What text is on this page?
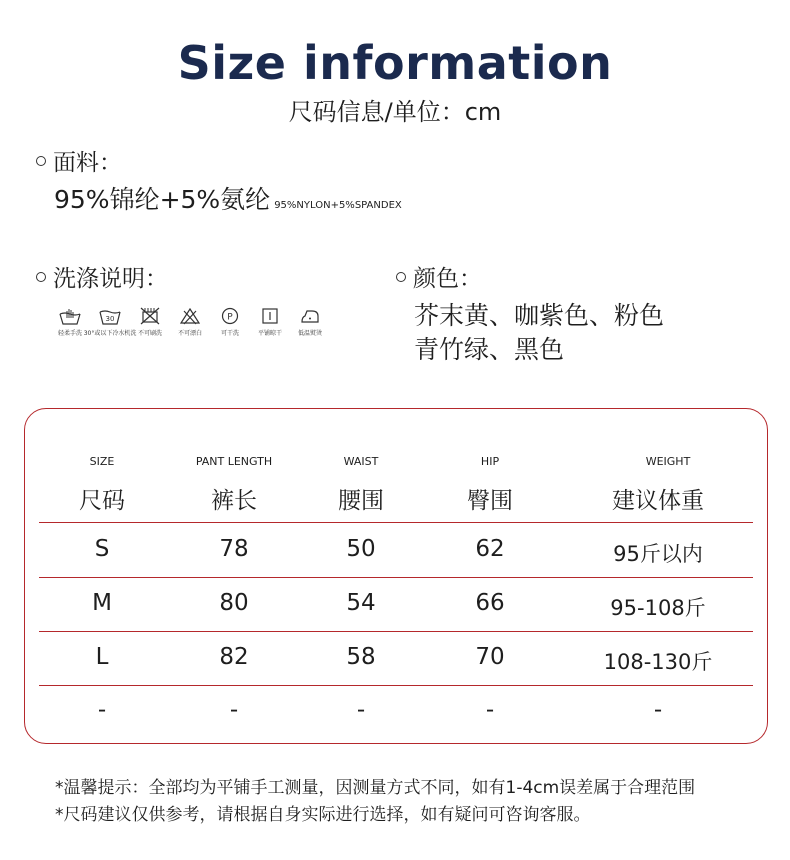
Size information
尺码信息/单位：cm
面料：
95%锦纶+5%氨纶 95%NYLON+5%SPANDEX
洗涤说明：
轻柔手洗
30
30°或以下冷水机洗 不可刷洗	不可漂白
P
可干洗	平铺晾干	低温熨烫
颜色：
芥末黄、咖紫色、粉色
青竹绿、黑色
SIZE	PANT LENGTH	WAIST	HIP	WEIGHT
尺码	裤长	腰围	臀围	建议体重
S	78	50	62	95斤以内
M	80	54	66	95-108斤
L	82	58	70	108-130斤
-	-	-	-	-
*温馨提示：全部均为平铺手工测量，因测量方式不同，如有1-4cm误差属于合理范围
*尺码建议仅供参考，请根据自身实际进行选择，如有疑问可咨询客服。
